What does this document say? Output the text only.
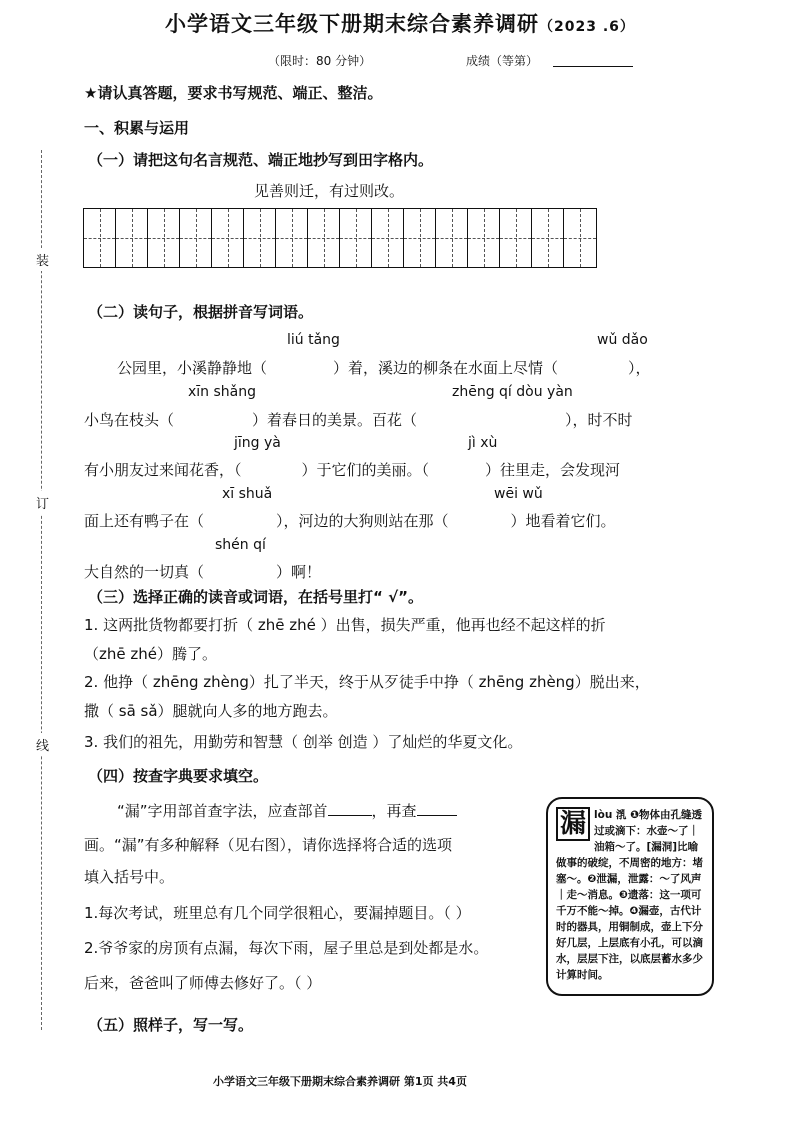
小学语文三年级下册期末综合素养调研（2023 .6）
（限时：80 分钟）	成绩（等第）
★请认真答题，要求书写规范、端正、整洁。
装
订
线
一、积累与运用
（一）请把这句名言规范、端正地抄写到田字格内。
见善则迁，有过则改。
（二）读句子，根据拼音写词语。
liú tǎng	wǔ dǎo
公园里，小溪静静地（	）着，溪边的柳条在水面上尽情（	），
xīn shǎng	zhēng qí dòu yàn
小鸟在枝头（	）着春日的美景。百花（	），时不时
jīng yà	jì xù
有小朋友过来闻花香，（	）于它们的美丽。（	）往里走，会发现河
xī shuǎ	wēi wǔ
面上还有鸭子在（	），河边的大狗则站在那（	）地看着它们。
shén qí
大自然的一切真（	）啊！
（三）选择正确的读音或词语，在括号里打“ √”。
1. 这两批货物都要打折（ zhē zhé ）出售，损失严重，他再也经不起这样的折
（zhē zhé）腾了。
2. 他挣（ zhēng zhèng）扎了半天，终于从歹徒手中挣（ zhēng zhèng）脱出来，
撒（ sā sǎ）腿就向人多的地方跑去。
3. 我们的祖先，用勤劳和智慧（ 创举 创造 ）了灿烂的华夏文化。
（四）按查字典要求填空。
“漏”字用部首查字法，应查部首	，再查
画。“漏”有多种解释（见右图），请你选择将合适的选项
填入括号中。
1.每次考试，班里总有几个同学很粗心，要漏掉题目。（ ）
2.爷爷家的房顶有点漏，每次下雨，屋子里总是到处都是水。
后来，爸爸叫了师傅去修好了。（ ）
漏 lòu 㳶 ❶物体由孔缝透过或滴下：水壶～了｜油箱～了。[漏洞]比喻做事的破绽，不周密的地方：堵塞～。❷泄漏，泄露：～了风声｜走～消息。❸遗落：这一项可千万不能～掉。❹漏壶，古代计时的器具，用铜制成，壶上下分好几层，上层底有小孔，可以滴水，层层下注，以底层蓄水多少计算时间。
（五）照样子，写一写。
小学语文三年级下册期末综合素养调研 第1页 共4页
